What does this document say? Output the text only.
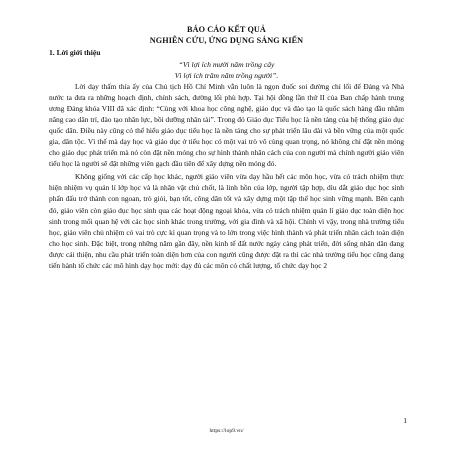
BÁO CÁO KẾT QUẢ

NGHIÊN CỨU, ỨNG DỤNG SÁNG KIẾN

1. Lời giới thiệu

“Vì lợi ích mười năm trồng cây

Vì lợi ích trăm năm trồng người”.

Lời dạy thấm thía ấy của Chủ tịch Hồ Chí Minh vẫn luôn là ngọn đuốc soi đường chỉ lối để Đảng và Nhà nước ta đưa ra những hoạch định, chính sách, đường lối phù hợp. Tại hội đồng lần thứ II của Ban chấp hành trung ương Đảng khóa VIII đã xác định: “Cùng với khoa học công nghệ, giáo dục và đào tạo là quốc sách hàng đầu nhằm nâng cao dân trí, đào tạo nhân lực, bồi dưỡng nhân tài”. Trong đó Giáo dục Tiểu học là nền tảng của hệ thống giáo dục quốc dân. Điều này cũng có thể hiểu giáo dục tiểu học là nền tảng cho sự phát triển lâu dài và bền vững của một quốc gia, dân tộc. Vì thế mà dạy học và giáo dục ở tiểu học có một vai trò vô cùng quan trọng, nó không chỉ đặt nền móng cho giáo dục phát triển mà nó còn đặt nền móng cho sự hình thành nhân cách của con người mà chính người giáo viên tiểu học là người sẽ đặt những viên gạch đầu tiên để xây dựng nền móng đó.

Không giống với các cấp học khác, người giáo viên vừa dạy hầu hết các môn học, vừa có trách nhiệm thực hiện nhiệm vụ quản lí lớp học và là nhân vật chủ chốt, là linh hồn của lớp, người tập hợp, dìu dắt giáo dục học sinh phấn đấu trở thành con ngoan, trò giỏi, bạn tốt, công dân tốt và xây dựng một tập thể học sinh vững mạnh. Bên cạnh đó, giáo viên còn giáo dục học sinh qua các hoạt động ngoại khóa, vừa có trách nhiệm quản lí giáo dục toàn diện học sinh trong mối quan hệ với các học sinh khác trong trường, với gia đình và xã hội. Chính vì vậy, trong nhà trường tiểu học, giáo viên chủ nhiệm có vai trò cực kì quan trọng và to lớn trong việc hình thành và phát triển nhân cách toàn diện cho học sinh. Đặc biệt, trong những năm gần đây, nền kinh tế đất nước ngày càng phát triển, đời sống nhân dân đang được cải thiện, nhu cầu phát triển toàn diện hơn của con người cũng được đặt ra thì các nhà trường tiểu học cũng đang tiến hành tổ chức các mô hình dạy học mới: dạy đủ các môn có chất lượng, tổ chức dạy học 2

1
https://lop9.vn/
